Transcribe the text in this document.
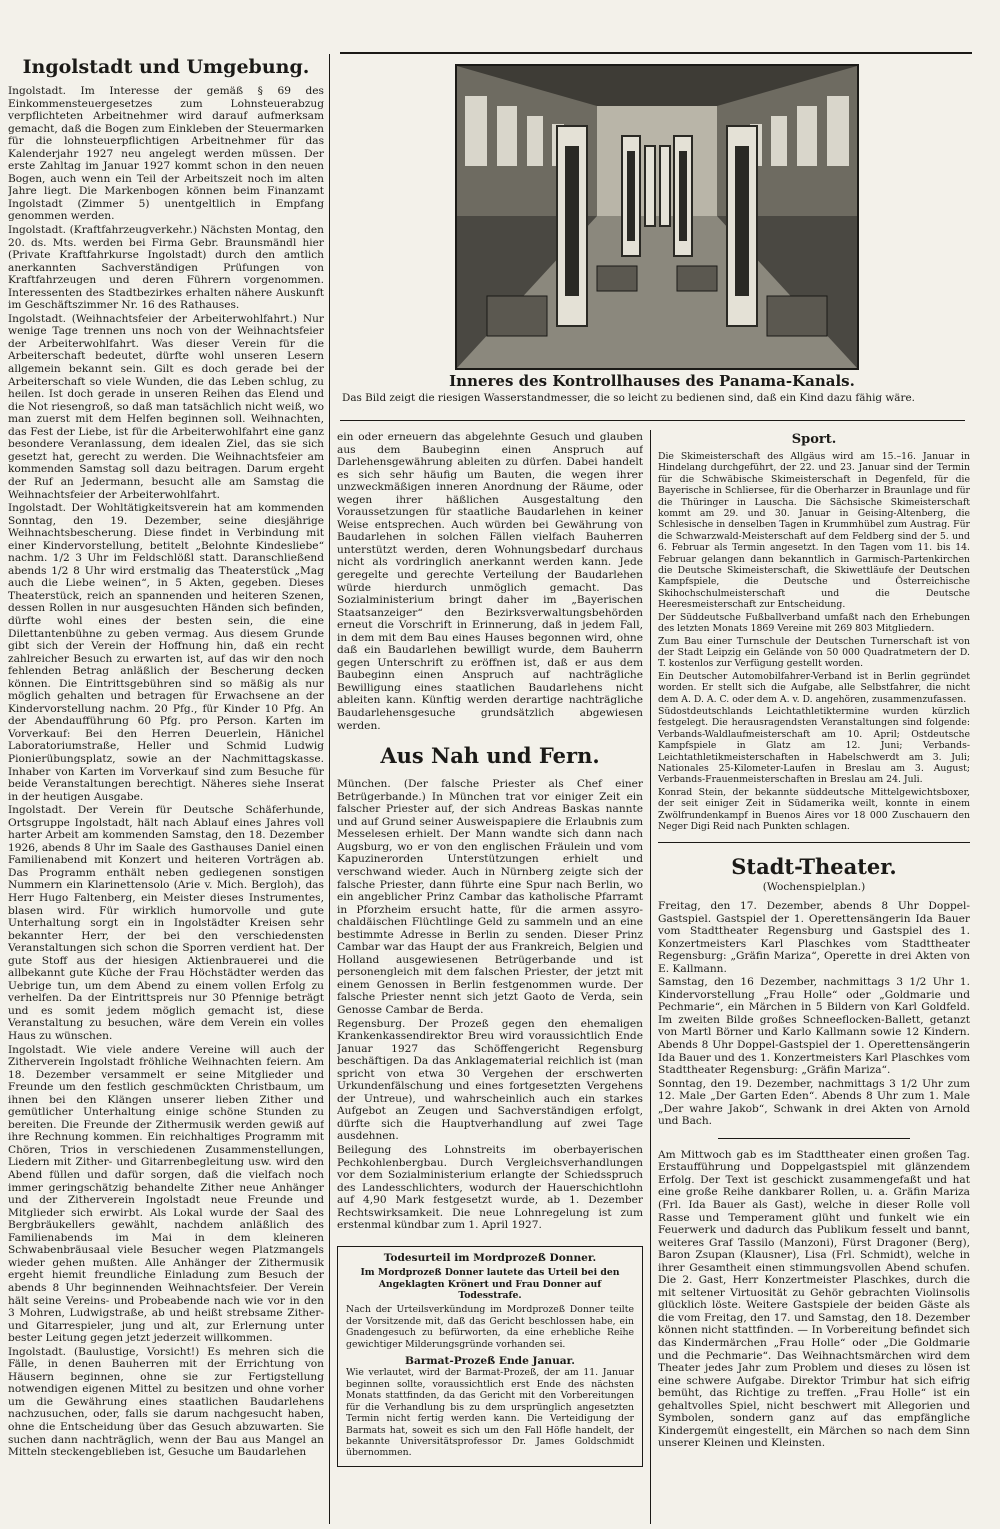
Ingolstadt und Umgebung.

Ingolstadt. Im Interesse der gemäß § 69 des Einkommensteuergesetzes zum Lohnsteuerabzug verpflichteten Arbeitnehmer wird darauf aufmerksam gemacht, daß die Bogen zum Einkleben der Steuermarken für die lohnsteuerpflichtigen Arbeitnehmer für das Kalenderjahr 1927 neu angelegt werden müssen. Der erste Zahltag im Januar 1927 kommt schon in den neuen Bogen, auch wenn ein Teil der Arbeitszeit noch im alten Jahre liegt. Die Markenbogen können beim Finanzamt Ingolstadt (Zimmer 5) unentgeltlich in Empfang genommen werden.

Ingolstadt. (Kraftfahrzeugverkehr.) Nächsten Montag, den 20. ds. Mts. werden bei Firma Gebr. Braunsmändl hier (Private Kraftfahrkurse Ingolstadt) durch den amtlich anerkannten Sachverständigen Prüfungen von Kraftfahrzeugen und deren Führern vorgenommen. Interessenten des Stadtbezirkes erhalten nähere Auskunft im Geschäftszimmer Nr. 16 des Rathauses.

Ingolstadt. (Weihnachtsfeier der Arbeiterwohlfahrt.) Nur wenige Tage trennen uns noch von der Weihnachtsfeier der Arbeiterwohlfahrt. Was dieser Verein für die Arbeiterschaft bedeutet, dürfte wohl unseren Lesern allgemein bekannt sein. Gilt es doch gerade bei der Arbeiterschaft so viele Wunden, die das Leben schlug, zu heilen. Ist doch gerade in unseren Reihen das Elend und die Not riesengroß, so daß man tatsächlich nicht weiß, wo man zuerst mit dem Helfen beginnen soll. Weihnachten, das Fest der Liebe, ist für die Arbeiterwohlfahrt eine ganz besondere Veranlassung, dem idealen Ziel, das sie sich gesetzt hat, gerecht zu werden. Die Weihnachtsfeier am kommenden Samstag soll dazu beitragen. Darum ergeht der Ruf an Jedermann, besucht alle am Samstag die Weihnachtsfeier der Arbeiterwohlfahrt.

Ingolstadt. Der Wohltätigkeitsverein hat am kommenden Sonntag, den 19. Dezember, seine diesjährige Weihnachtsbescherung. Diese findet in Verbindung mit einer Kindervorstellung, betitelt „Belohnte Kindesliebe“ nachm. 1/2 3 Uhr im Feldschlößl statt. Daranschließend abends 1/2 8 Uhr wird erstmalig das Theaterstück „Mag auch die Liebe weinen“, in 5 Akten, gegeben. Dieses Theaterstück, reich an spannenden und heiteren Szenen, dessen Rollen in nur ausgesuchten Händen sich befinden, dürfte wohl eines der besten sein, die eine Dilettantenbühne zu geben vermag. Aus diesem Grunde gibt sich der Verein der Hoffnung hin, daß ein recht zahlreicher Besuch zu erwarten ist, auf das wir den noch fehlenden Betrag anläßlich der Bescherung decken können. Die Eintrittsgebühren sind so mäßig als nur möglich gehalten und betragen für Erwachsene an der Kindervorstellung nachm. 20 Pfg., für Kinder 10 Pfg. An der Abendaufführung 60 Pfg. pro Person. Karten im Vorverkauf: Bei den Herren Deuerlein, Hänichel Laboratoriumstraße, Heller und Schmid Ludwig Pionierübungsplatz, sowie an der Nachmittagskasse. Inhaber von Karten im Vorverkauf sind zum Besuche für beide Veranstaltungen berechtigt. Näheres siehe Inserat in der heutigen Ausgabe.

Ingolstadt. Der Verein für Deutsche Schäferhunde, Ortsgruppe Ingolstadt, hält nach Ablauf eines Jahres voll harter Arbeit am kommenden Samstag, den 18. Dezember 1926, abends 8 Uhr im Saale des Gasthauses Daniel einen Familienabend mit Konzert und heiteren Vorträgen ab. Das Programm enthält neben gediegenen sonstigen Nummern ein Klarinettensolo (Arie v. Mich. Bergloh), das Herr Hugo Faltenberg, ein Meister dieses Instrumentes, blasen wird. Für wirklich humorvolle und gute Unterhaltung sorgt ein in Ingolstädter Kreisen sehr bekannter Herr, der bei den verschiedensten Veranstaltungen sich schon die Sporren verdient hat. Der gute Stoff aus der hiesigen Aktienbrauerei und die allbekannt gute Küche der Frau Höchstädter werden das Uebrige tun, um dem Abend zu einem vollen Erfolg zu verhelfen. Da der Eintrittspreis nur 30 Pfennige beträgt und es somit jedem möglich gemacht ist, diese Veranstaltung zu besuchen, wäre dem Verein ein volles Haus zu wünschen.

Ingolstadt. Wie viele andere Vereine will auch der Zitherverein Ingolstadt fröhliche Weihnachten feiern. Am 18. Dezember versammelt er seine Mitglieder und Freunde um den festlich geschmückten Christbaum, um ihnen bei den Klängen unserer lieben Zither und gemütlicher Unterhaltung einige schöne Stunden zu bereiten. Die Freunde der Zithermusik werden gewiß auf ihre Rechnung kommen. Ein reichhaltiges Programm mit Chören, Trios in verschiedenen Zusammenstellungen, Liedern mit Zither- und Gitarrenbegleitung usw. wird den Abend füllen und dafür sorgen, daß die vielfach noch immer geringschätzig behandelte Zither neue Anhänger und der Zitherverein Ingolstadt neue Freunde und Mitglieder sich erwirbt. Als Lokal wurde der Saal des Bergbräukellers gewählt, nachdem anläßlich des Familienabends im Mai in dem kleineren Schwabenbräusaal viele Besucher wegen Platzmangels wieder gehen mußten. Alle Anhänger der Zithermusik ergeht hiemit freundliche Einladung zum Besuch der abends 8 Uhr beginnenden Weihnachtsfeier. Der Verein hält seine Vereins- und Probeabende nach wie vor in den 3 Mohren, Ludwigstraße, ab und heißt strebsame Zither- und Gitarrespieler, jung und alt, zur Erlernung unter bester Leitung gegen jetzt jederzeit willkommen.

Ingolstadt. (Baulustige, Vorsicht!) Es mehren sich die Fälle, in denen Bauherren mit der Errichtung von Häusern beginnen, ohne sie zur Fertigstellung notwendigen eigenen Mittel zu besitzen und ohne vorher um die Gewährung eines staatlichen Baudarlehens nachzusuchen, oder, falls sie darum nachgesucht haben, ohne die Entscheidung über das Gesuch abzuwarten. Sie suchen dann nachträglich, wenn der Bau aus Mangel an Mitteln steckengeblieben ist, Gesuche um Baudarlehen

Inneres des Kontrollhauses des Panama-Kanals.
Das Bild zeigt die riesigen Wasserstandmesser, die so leicht zu bedienen sind, daß ein Kind dazu fähig wäre.

ein oder erneuern das abgelehnte Gesuch und glauben aus dem Baubeginn einen Anspruch auf Darlehensgewährung ableiten zu dürfen. Dabei handelt es sich sehr häufig um Bauten, die wegen ihrer unzweckmäßigen inneren Anordnung der Räume, oder wegen ihrer häßlichen Ausgestaltung den Voraussetzungen für staatliche Baudarlehen in keiner Weise entsprechen. Auch würden bei Gewährung von Baudarlehen in solchen Fällen vielfach Bauherren unterstützt werden, deren Wohnungsbedarf durchaus nicht als vordringlich anerkannt werden kann. Jede geregelte und gerechte Verteilung der Baudarlehen würde hierdurch unmöglich gemacht. Das Sozialministerium bringt daher im „Bayerischen Staatsanzeiger“ den Bezirksverwaltungsbehörden erneut die Vorschrift in Erinnerung, daß in jedem Fall, in dem mit dem Bau eines Hauses begonnen wird, ohne daß ein Baudarlehen bewilligt wurde, dem Bauherrn gegen Unterschrift zu eröffnen ist, daß er aus dem Baubeginn einen Anspruch auf nachträgliche Bewilligung eines staatlichen Baudarlehens nicht ableiten kann. Künftig werden derartige nachträgliche Baudarlehensgesuche grundsätzlich abgewiesen werden.

Aus Nah und Fern.

München. (Der falsche Priester als Chef einer Betrügerbande.) In München trat vor einiger Zeit ein falscher Priester auf, der sich Andreas Baskas nannte und auf Grund seiner Ausweispapiere die Erlaubnis zum Messelesen erhielt. Der Mann wandte sich dann nach Augsburg, wo er von den englischen Fräulein und vom Kapuzinerorden Unterstützungen erhielt und verschwand wieder. Auch in Nürnberg zeigte sich der falsche Priester, dann führte eine Spur nach Berlin, wo ein angeblicher Prinz Cambar das katholische Pfarramt in Pforzheim ersucht hatte, für die armen assyro-chaldäischen Flüchtlinge Geld zu sammeln und an eine bestimmte Adresse in Berlin zu senden. Dieser Prinz Cambar war das Haupt der aus Frankreich, Belgien und Holland ausgewiesenen Betrügerbande und ist personengleich mit dem falschen Priester, der jetzt mit einem Genossen in Berlin festgenommen wurde. Der falsche Priester nennt sich jetzt Gaoto de Verda, sein Genosse Cambar de Berda.

Regensburg. Der Prozeß gegen den ehemaligen Krankenkassendirektor Breu wird voraussichtlich Ende Januar 1927 das Schöffengericht Regensburg beschäftigen. Da das Anklagematerial reichlich ist (man spricht von etwa 30 Vergehen der erschwerten Urkundenfälschung und eines fortgesetzten Vergehens der Untreue), und wahrscheinlich auch ein starkes Aufgebot an Zeugen und Sachverständigen erfolgt, dürfte sich die Hauptverhandlung auf zwei Tage ausdehnen.

Beilegung des Lohnstreits im oberbayerischen Pechkohlenbergbau. Durch Vergleichsverhandlungen vor dem Sozialministerium erlangte der Schiedsspruch des Landesschlichters, wodurch der Hauerschichtlohn auf 4,90 Mark festgesetzt wurde, ab 1. Dezember Rechtswirksamkeit. Die neue Lohnregelung ist zum erstenmal kündbar zum 1. April 1927.

Todesurteil im Mordprozeß Donner.

Im Mordprozeß Donner lautete das Urteil bei den Angeklagten Krönert und Frau Donner auf Todesstrafe.

Nach der Urteilsverkündung im Mordprozeß Donner teilte der Vorsitzende mit, daß das Gericht beschlossen habe, ein Gnadengesuch zu befürworten, da eine erhebliche Reihe gewichtiger Milderungsgründe vorhanden sei.

Barmat-Prozeß Ende Januar.

Wie verlautet, wird der Barmat-Prozeß, der am 11. Januar beginnen sollte, voraussichtlich erst Ende des nächsten Monats stattfinden, da das Gericht mit den Vorbereitungen für die Verhandlung bis zu dem ursprünglich angesetzten Termin nicht fertig werden kann. Die Verteidigung der Barmats hat, soweit es sich um den Fall Höfle handelt, der bekannte Universitätsprofessor Dr. James Goldschmidt übernommen.

Sport.

Die Skimeisterschaft des Allgäus wird am 15.–16. Januar in Hindelang durchgeführt, der 22. und 23. Januar sind der Termin für die Schwäbische Skimeisterschaft in Degenfeld, für die Bayerische in Schliersee, für die Oberharzer in Braunlage und für die Thüringer in Lauscha. Die Sächsische Skimeisterschaft kommt am 29. und 30. Januar in Geising-Altenberg, die Schlesische in denselben Tagen in Krummhübel zum Austrag. Für die Schwarzwald-Meisterschaft auf dem Feldberg sind der 5. und 6. Februar als Termin angesetzt. In den Tagen vom 11. bis 14. Februar gelangen dann bekanntlich in Garmisch-Partenkirchen die Deutsche Skimeisterschaft, die Skiwettläufe der Deutschen Kampfspiele, die Deutsche und Österreichische Skihochschulmeisterschaft und die Deutsche Heeresmeisterschaft zur Entscheidung.

Der Süddeutsche Fußballverband umfaßt nach den Erhebungen des letzten Monats 1869 Vereine mit 269 803 Mitgliedern.

Zum Bau einer Turnschule der Deutschen Turnerschaft ist von der Stadt Leipzig ein Gelände von 50 000 Quadratmetern der D. T. kostenlos zur Verfügung gestellt worden.

Ein Deutscher Automobilfahrer-Verband ist in Berlin gegründet worden. Er stellt sich die Aufgabe, alle Selbstfahrer, die nicht dem A. D. A. C. oder dem A. v. D. angehören, zusammenzufassen.

Südostdeutschlands Leichtathletiktermine wurden kürzlich festgelegt. Die herausragendsten Veranstaltungen sind folgende: Verbands-Waldlaufmeisterschaft am 10. April; Ostdeutsche Kampfspiele in Glatz am 12. Juni; Verbands-Leichtathletikmeisterschaften in Habelschwerdt am 3. Juli; Nationales 25-Kilometer-Laufen in Breslau am 3. August; Verbands-Frauenmeisterschaften in Breslau am 24. Juli.

Konrad Stein, der bekannte süddeutsche Mittelgewichtsboxer, der seit einiger Zeit in Südamerika weilt, konnte in einem Zwölfrundenkampf in Buenos Aires vor 18 000 Zuschauern den Neger Digi Reid nach Punkten schlagen.

Stadt-Theater.
(Wochenspielplan.)

Freitag, den 17. Dezember, abends 8 Uhr Doppel-Gastspiel. Gastspiel der 1. Operettensängerin Ida Bauer vom Stadttheater Regensburg und Gastspiel des 1. Konzertmeisters Karl Plaschkes vom Stadttheater Regensburg: „Gräfin Mariza“, Operette in drei Akten von E. Kallmann.

Samstag, den 16 Dezember, nachmittags 3 1/2 Uhr 1. Kindervorstellung „Frau Holle“ oder „Goldmarie und Pechmarie“, ein Märchen in 5 Bildern von Karl Goldfeld. Im zweiten Bilde großes Schneeflocken-Ballett, getanzt von Martl Börner und Karlo Kallmann sowie 12 Kindern. Abends 8 Uhr Doppel-Gastspiel der 1. Operettensängerin Ida Bauer und des 1. Konzertmeisters Karl Plaschkes vom Stadttheater Regensburg: „Gräfin Mariza“.

Sonntag, den 19. Dezember, nachmittags 3 1/2 Uhr zum 12. Male „Der Garten Eden“. Abends 8 Uhr zum 1. Male „Der wahre Jakob“, Schwank in drei Akten von Arnold und Bach.

Am Mittwoch gab es im Stadttheater einen großen Tag. Erstaufführung und Doppelgastspiel mit glänzendem Erfolg. Der Text ist geschickt zusammengefaßt und hat eine große Reihe dankbarer Rollen, u. a. Gräfin Mariza (Frl. Ida Bauer als Gast), welche in dieser Rolle voll Rasse und Temperament glüht und funkelt wie ein Feuerwerk und dadurch das Publikum fesselt und bannt, weiteres Graf Tassilo (Manzoni), Fürst Dragoner (Berg), Baron Zsupan (Klausner), Lisa (Frl. Schmidt), welche in ihrer Gesamtheit einen stimmungsvollen Abend schufen. Die 2. Gast, Herr Konzertmeister Plaschkes, durch die mit seltener Virtuosität zu Gehör gebrachten Violinsolis glücklich löste. Weitere Gastspiele der beiden Gäste als die vom Freitag, den 17. und Samstag, den 18. Dezember können nicht stattfinden. — In Vorbereitung befindet sich das Kindermärchen „Frau Holle“ oder „Die Goldmarie und die Pechmarie“. Das Weihnachtsmärchen wird dem Theater jedes Jahr zum Problem und dieses zu lösen ist eine schwere Aufgabe. Direktor Trimbur hat sich eifrig bemüht, das Richtige zu treffen. „Frau Holle“ ist ein gehaltvolles Spiel, nicht beschwert mit Allegorien und Symbolen, sondern ganz auf das empfängliche Kindergemüt eingestellt, ein Märchen so nach dem Sinn unserer Kleinen und Kleinsten.
